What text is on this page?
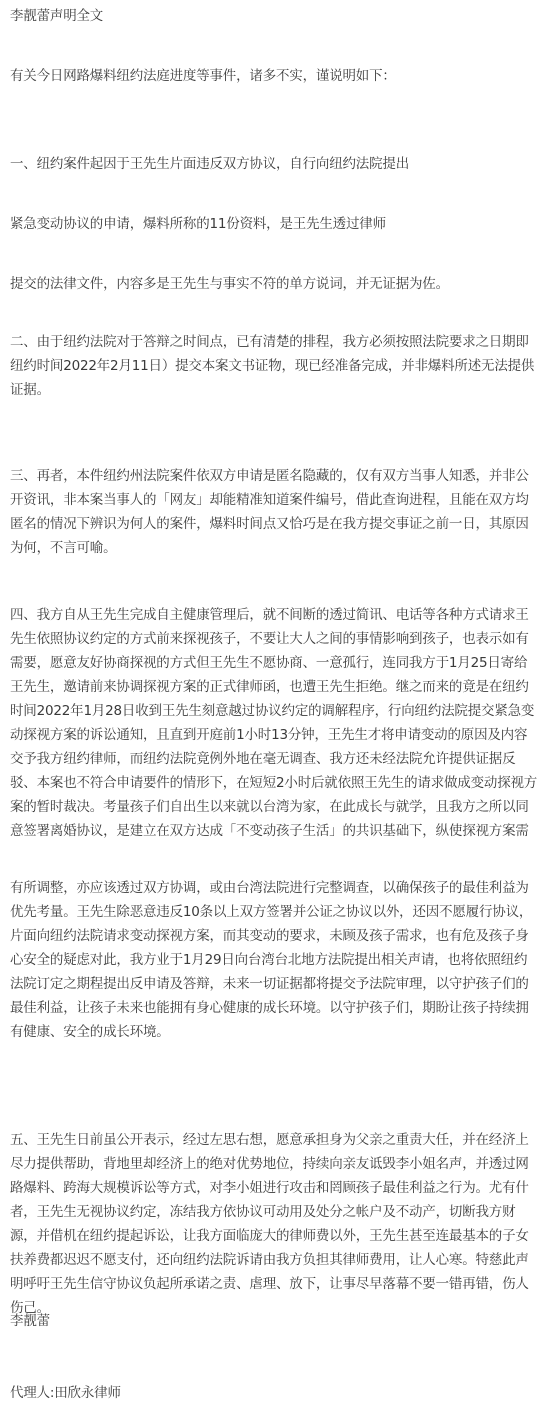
李靓蕾声明全文

有关今日网路爆料纽约法庭进度等事件，诸多不实，谨说明如下：

一、纽约案件起因于王先生片面违反双方协议，自行向纽约法院提出

紧急变动协议的申请，爆料所称的11份资料，是王先生透过律师

提交的法律文件，内容多是王先生与事实不符的单方说词，并无证据为佐。

二、由于纽约法院对于答辩之时间点，已有清楚的排程，我方必须按照法院要求之日期即纽约时间2022年2月11日）提交本案文书证物，现已经准备完成，并非爆料所述无法提供证据。

三、再者，本件纽约州法院案件依双方申请是匿名隐藏的，仅有双方当事人知悉，并非公开资讯，非本案当事人的「网友」却能精准知道案件编号，借此查询进程，且能在双方均匿名的情况下辨识为何人的案件，爆料时间点又恰巧是在我方提交事证之前一日，其原因为何，不言可喻。

四、我方自从王先生完成自主健康管理后，就不间断的透过简讯、电话等各种方式请求王先生依照协议约定的方式前来探视孩子，不要让大人之间的事情影响到孩子，也表示如有需要，愿意友好协商探视的方式但王先生不愿协商、一意孤行，连同我方于1月25日寄给王先生，邀请前来协调探视方案的正式律师函，也遭王先生拒绝。继之而来的竟是在纽约时间2022年1月28日收到王先生刻意越过协议约定的调解程序，行向纽约法院提交紧急变动探视方案的诉讼通知，且直到开庭前1小时13分钟，王先生才将申请变动的原因及内容交予我方纽约律师，而纽约法院竟例外地在毫无调查、我方还未经法院允许提供证据反驳、本案也不符合申请要件的情形下，在短短2小时后就依照王先生的请求做成变动探视方案的暂时裁决。考量孩子们自出生以来就以台湾为家，在此成长与就学，且我方之所以同意签署离婚协议，是建立在双方达成「不变动孩子生活」的共识基础下，纵使探视方案需

有所调整，亦应该透过双方协调，或由台湾法院进行完整调查，以确保孩子的最佳利益为优先考量。王先生除恶意违反10条以上双方签署并公证之协议以外，还因不愿履行协议，片面向纽约法院请求变动探视方案，而其变动的要求，未顾及孩子需求，也有危及孩子身心安全的疑虑对此，我方业于1月29日向台湾台北地方法院提出相关声请，也将依照纽约法院订定之期程提出反申请及答辩，未来一切证据都将提交予法院审理，以守护孩子们的最佳利益，让孩子未来也能拥有身心健康的成长环境。以守护孩子们，期盼让孩子持续拥有健康、安全的成长环境。

五、王先生日前虽公开表示，经过左思右想，愿意承担身为父亲之重责大任，并在经济上尽力提供帮助，背地里却经济上的绝对优势地位，持续向亲友诋毁李小姐名声，并透过网路爆料、跨海大规模诉讼等方式，对李小姐进行攻击和罔顾孩子最佳利益之行为。尤有什者，王先生无视协议约定，冻结我方依协议可动用及处分之帐户及不动产，切断我方财源，并借机在纽约提起诉讼，让我方面临庞大的律师费以外，王先生甚至连最基本的子女扶养费都迟迟不愿支付，还向纽约法院诉请由我方负担其律师费用，让人心寒。特慈此声明呼吁王先生信守协议负起所承诺之责、虐理、放下，让事尽早落幕不要一错再错，伤人伤己。

李靓蕾

代理人:田欣永律师
